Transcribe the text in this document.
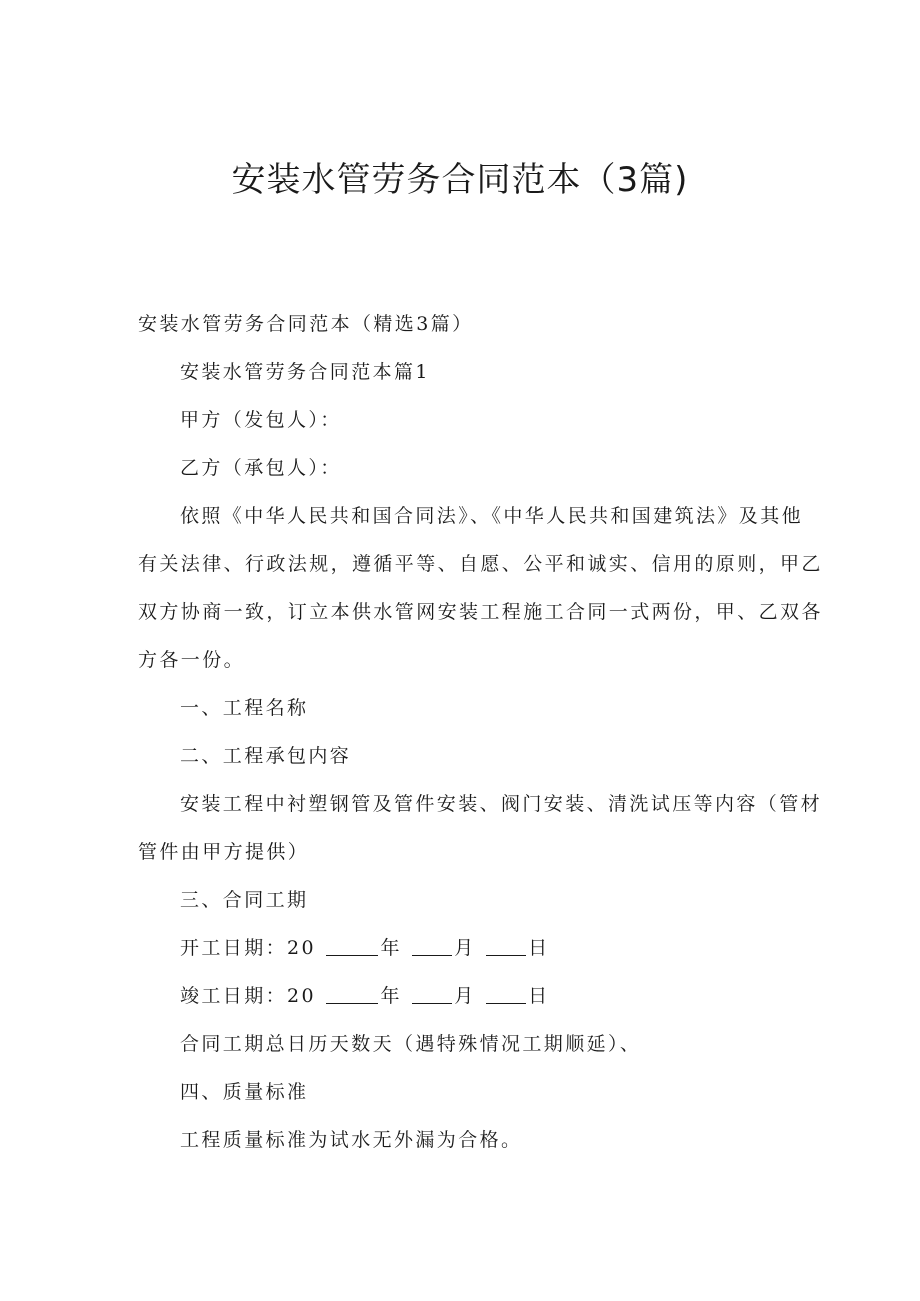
安装水管劳务合同范本（3篇)

安装水管劳务合同范本（精选3篇）

安装水管劳务合同范本篇1

甲方（发包人）：

乙方（承包人）：

依照《中华人民共和国合同法》、《中华人民共和国建筑法》及其他

有关法律、行政法规，遵循平等、自愿、公平和诚实、信用的原则，甲乙

双方协商一致，订立本供水管网安装工程施工合同一式两份，甲、乙双各

方各一份。

一、工程名称

二、工程承包内容

安装工程中衬塑钢管及管件安装、阀门安装、清洗试压等内容（管材

管件由甲方提供）

三、合同工期

开工日期：20	年	月	日

竣工日期：20	年	月	日

合同工期总日历天数天（遇特殊情况工期顺延）、

四、质量标准

工程质量标准为试水无外漏为合格。
